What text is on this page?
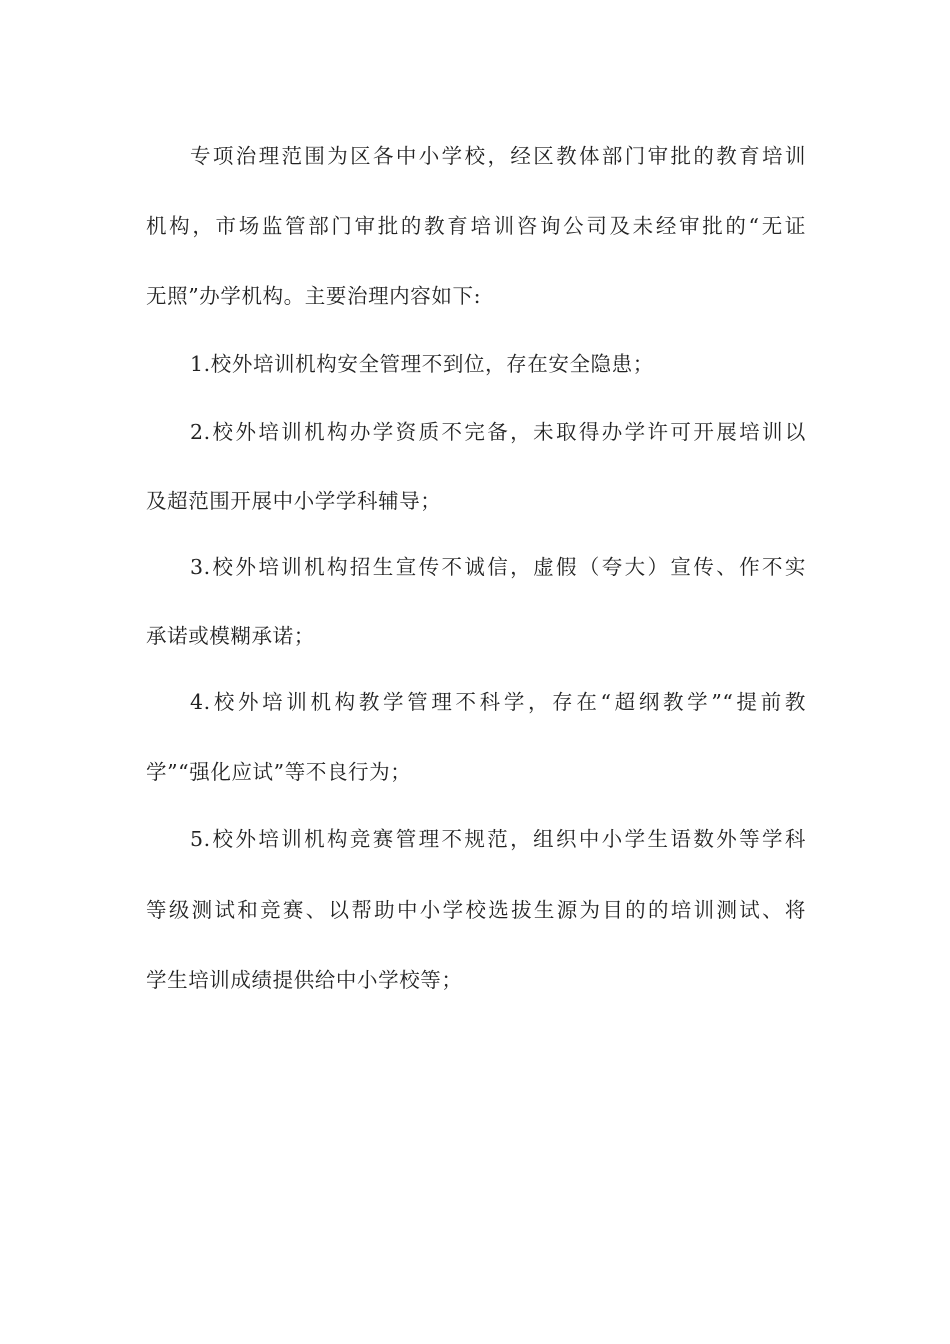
专项治理范围为区各中小学校，经区教体部门审批的教育培训
机构，市场监管部门审批的教育培训咨询公司及未经审批的“无证
无照”办学机构。主要治理内容如下:
1.校外培训机构安全管理不到位，存在安全隐患；
2.校外培训机构办学资质不完备，未取得办学许可开展培训以
及超范围开展中小学学科辅导；
3.校外培训机构招生宣传不诚信，虚假（夸大）宣传、作不实
承诺或模糊承诺；
4.校外培训机构教学管理不科学，存在“超纲教学”“提前教
学”“强化应试”等不良行为；
5.校外培训机构竞赛管理不规范，组织中小学生语数外等学科
等级测试和竞赛、以帮助中小学校选拔生源为目的的培训测试、将
学生培训成绩提供给中小学校等；
